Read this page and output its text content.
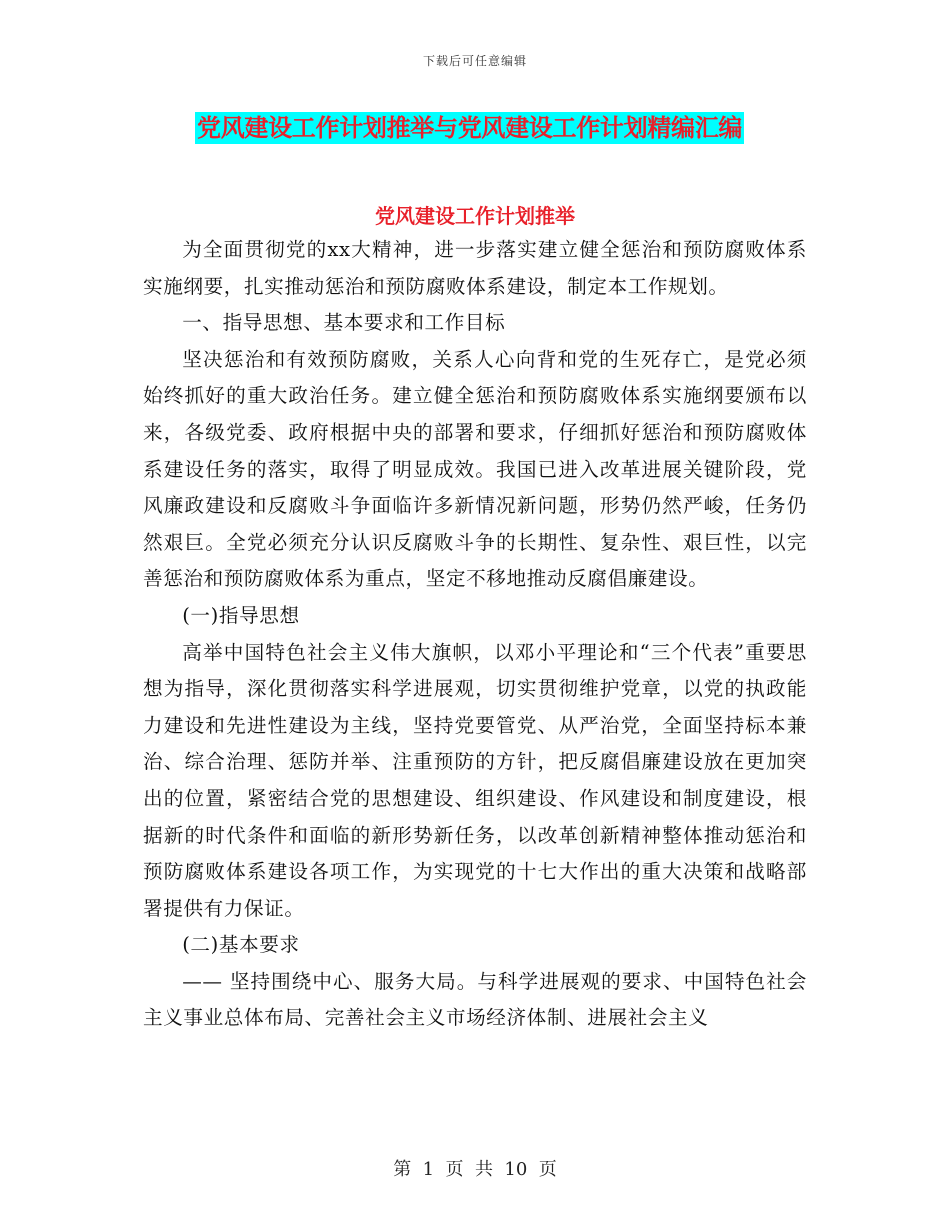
下载后可任意编辑
党风建设工作计划推举与党风建设工作计划精编汇编
党风建设工作计划推举

为全面贯彻党的xx大精神，进一步落实建立健全惩治和预防腐败体系实施纲要，扎实推动惩治和预防腐败体系建设，制定本工作规划。

一、指导思想、基本要求和工作目标

坚决惩治和有效预防腐败，关系人心向背和党的生死存亡，是党必须始终抓好的重大政治任务。建立健全惩治和预防腐败体系实施纲要颁布以来，各级党委、政府根据中央的部署和要求，仔细抓好惩治和预防腐败体系建设任务的落实，取得了明显成效。我国已进入改革进展关键阶段，党风廉政建设和反腐败斗争面临许多新情况新问题，形势仍然严峻，任务仍然艰巨。全党必须充分认识反腐败斗争的长期性、复杂性、艰巨性，以完善惩治和预防腐败体系为重点，坚定不移地推动反腐倡廉建设。

(一)指导思想

高举中国特色社会主义伟大旗帜，以邓小平理论和“三个代表”重要思想为指导，深化贯彻落实科学进展观，切实贯彻维护党章，以党的执政能力建设和先进性建设为主线，坚持党要管党、从严治党，全面坚持标本兼治、综合治理、惩防并举、注重预防的方针，把反腐倡廉建设放在更加突出的位置，紧密结合党的思想建设、组织建设、作风建设和制度建设，根据新的时代条件和面临的新形势新任务，以改革创新精神整体推动惩治和预防腐败体系建设各项工作，为实现党的十七大作出的重大决策和战略部署提供有力保证。

(二)基本要求

—— 坚持围绕中心、服务大局。与科学进展观的要求、中国特色社会主义事业总体布局、完善社会主义市场经济体制、进展社会主义

第  1  页  共  10  页
